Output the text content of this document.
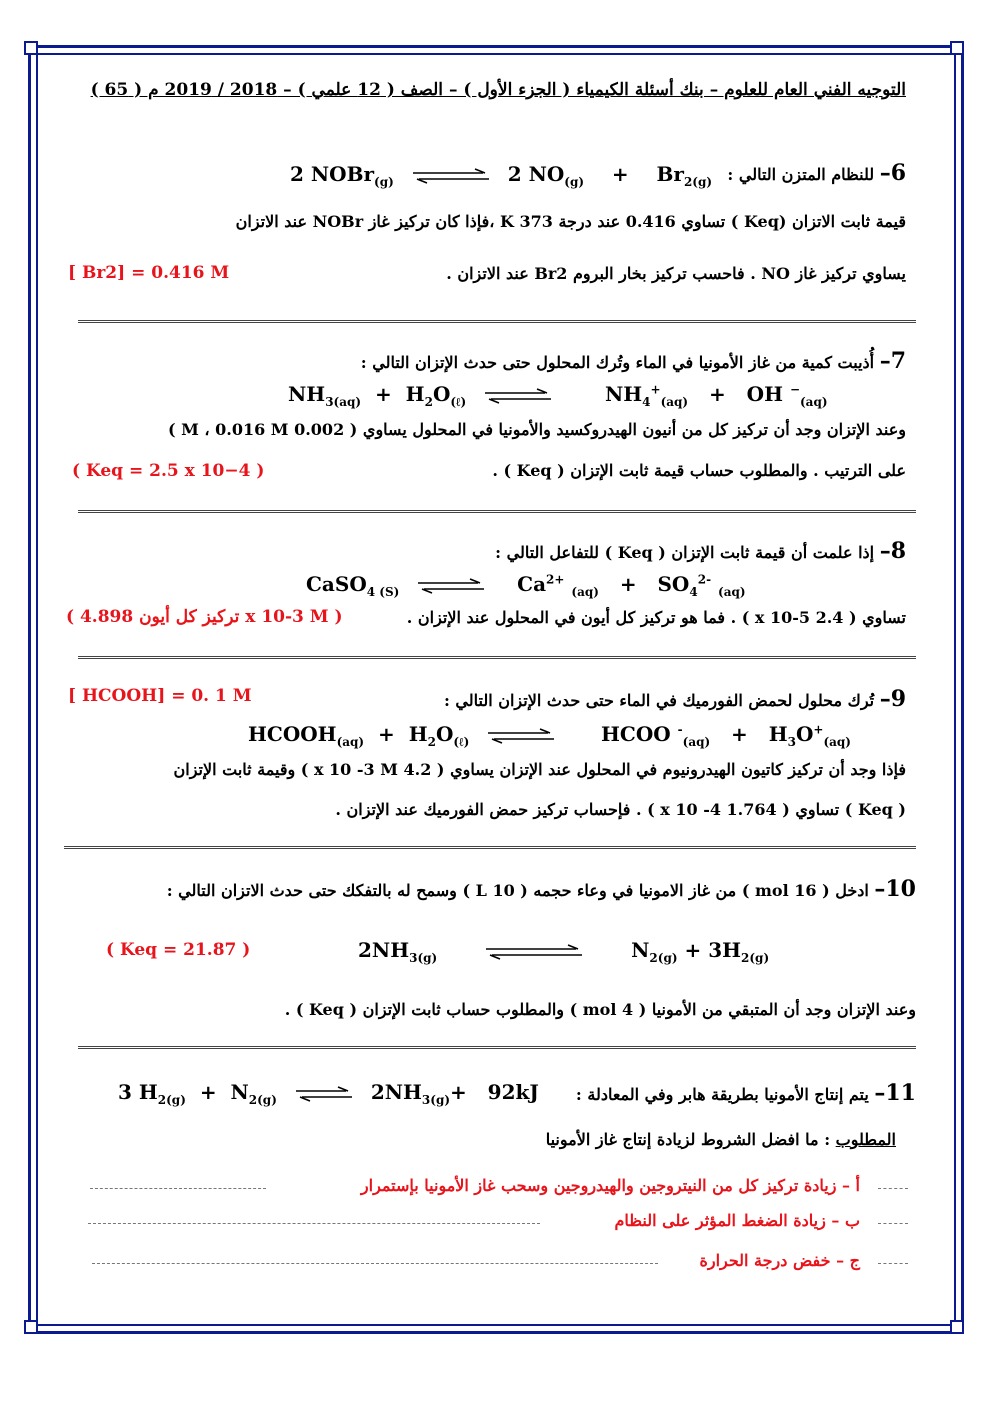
التوجيه الفني العام للعلوم – بنك أسئلة الكيمياء ( الجزء الأول ) – الصف ( 12 علمي ) – 2018 / 2019 م ( 65 )
6– للنظام المتزن التالي :
2 NOBr$_{(g)}$ ⇌ 2 $NO_{(g)}$    +    $Br_{2(g)}$
قيمة ثابت الاتزان (Keq ) تساوي 0.416 عند درجة 373 K ،فإذا كان تركيز غاز NOBr عند الاتزان
يساوي تركيز غاز NO . فاحسب تركيز بخار البروم Br2 عند الاتزان .
[ Br2] = 0.416 M
7– أُذيبت كمية من غاز الأمونيا في الماء وتُرك المحلول حتى حدث الإتزان التالي :
$NH_{3(aq)} + H_2O_{(\ell)}$ ⇌ $NH_4^+_{(aq)}$   +   OH −$_{(aq)}$
وعند الإتزان وجد أن تركيز كل من أنيون الهيدروكسيد والأمونيا في المحلول يساوي ( 0.002 M ، 0.016 M )
على الترتيب . والمطلوب حساب قيمة ثابت الإتزان ( Keq ) .
( Keq = 2.5 x 10−4 )
8– إذا علمت أن قيمة ثابت الإتزان ( Keq ) للتفاعل التالي :
CaSO$_{4 (S)}$ ⇌ $Ca^{2+}$ $_{(aq)} + SO_4^{2-}$ $_{(aq)}$
تساوي ( 2.4 x 10-5 ) . فما هو تركيز كل أيون في المحلول عند الإتزان .
( تركيز كل أيون 4.898 x 10-3 M )
9– تُرك محلول لحمض الفورميك في الماء حتى حدث الإتزان التالي :
[ HCOOH] = 0. 1 M
$HCOOH_{(aq)} + H_2O_{(\ell)}$ ⇌ HCOO $^-_{(aq)} + H_3O^+_{(aq)}$
فإذا وجد أن تركيز كاتيون الهيدرونيوم في المحلول عند الإتزان يساوي ( 4.2 x 10 -3 M ) وقيمة ثابت الإتزان
( Keq ) تساوي ( 1.764 x 10 -4 ) . فإحساب تركيز حمض الفورميك عند الإتزان .
10– ادخل ( 16 mol ) من غاز الامونيا في وعاء حجمه ( 10 L ) وسمح له بالتفكك حتى حدث الاتزان التالي :
( Keq = 21.87 )	$2NH_{3(g)}$	$N_{2(g)} + 3H_{2(g)}$
وعند الإتزان وجد أن المتبقي من الأمونيا ( 4 mol ) والمطلوب حساب ثابت الإتزان ( Keq ) .
11– يتم إنتاج الأمونيا بطريقة هابر وفي المعادلة :
3 $H_{2(g)} + N_{2(g)}$ ⇌ $2NH_{3(g)}+ 92kJ$
المطلوب : ما افضل الشروط لزيادة إنتاج غاز الأمونيا
أ – زيادة تركيز كل من النيتروجين والهيدروجين وسحب غاز الأمونيا بإستمرار
ب – زيادة الضغط المؤثر على النظام
ج – خفض درجة الحرارة
